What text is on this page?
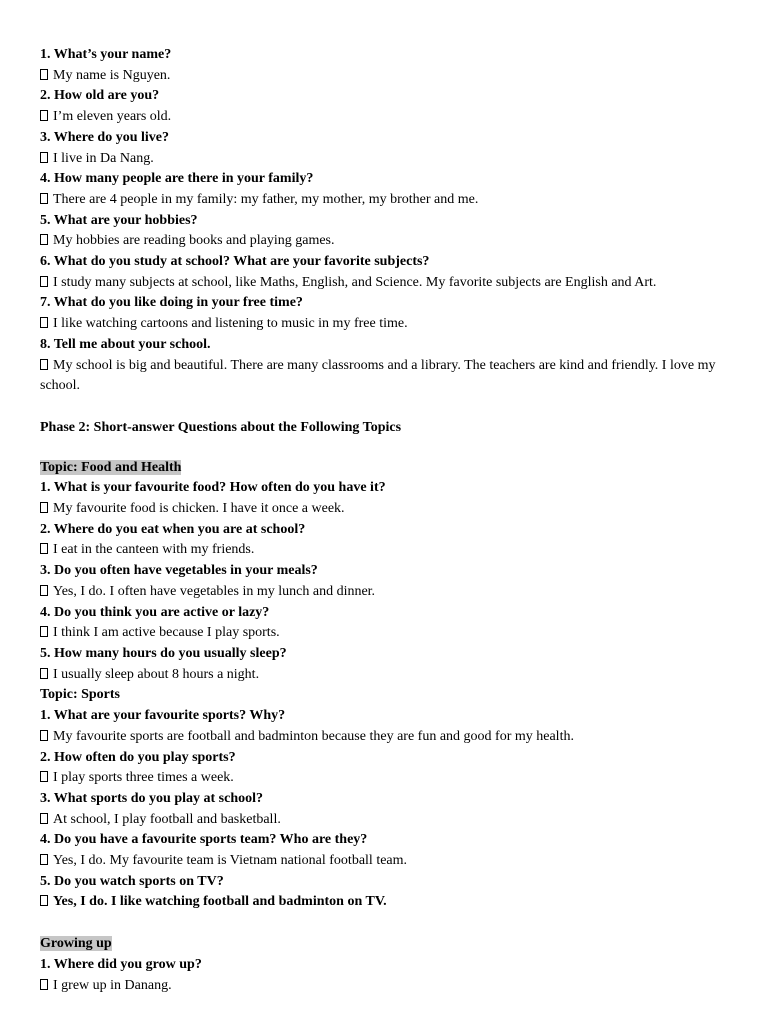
1. What’s your name?
My name is Nguyen.
2. How old are you?
I’m eleven years old.
3. Where do you live?
I live in Da Nang.
4. How many people are there in your family?
There are 4 people in my family: my father, my mother, my brother and me.
5. What are your hobbies?
My hobbies are reading books and playing games.
6. What do you study at school? What are your favorite subjects?
I study many subjects at school, like Maths, English, and Science. My favorite subjects are English and Art.
7. What do you like doing in your free time?
I like watching cartoons and listening to music in my free time.
8. Tell me about your school.
My school is big and beautiful. There are many classrooms and a library. The teachers are kind and friendly. I love my school.
Phase 2: Short-answer Questions about the Following Topics
Topic: Food and Health
1. What is your favourite food? How often do you have it?
My favourite food is chicken. I have it once a week.
2. Where do you eat when you are at school?
I eat in the canteen with my friends.
3. Do you often have vegetables in your meals?
Yes, I do. I often have vegetables in my lunch and dinner.
4. Do you think you are active or lazy?
I think I am active because I play sports.
5. How many hours do you usually sleep?
I usually sleep about 8 hours a night.
Topic: Sports
1. What are your favourite sports? Why?
My favourite sports are football and badminton because they are fun and good for my health.
2. How often do you play sports?
I play sports three times a week.
3. What sports do you play at school?
At school, I play football and basketball.
4. Do you have a favourite sports team? Who are they?
Yes, I do. My favourite team is Vietnam national football team.
5. Do you watch sports on TV?
Yes, I do. I like watching football and badminton on TV.
Growing up
1. Where did you grow up?
I grew up in Danang.
